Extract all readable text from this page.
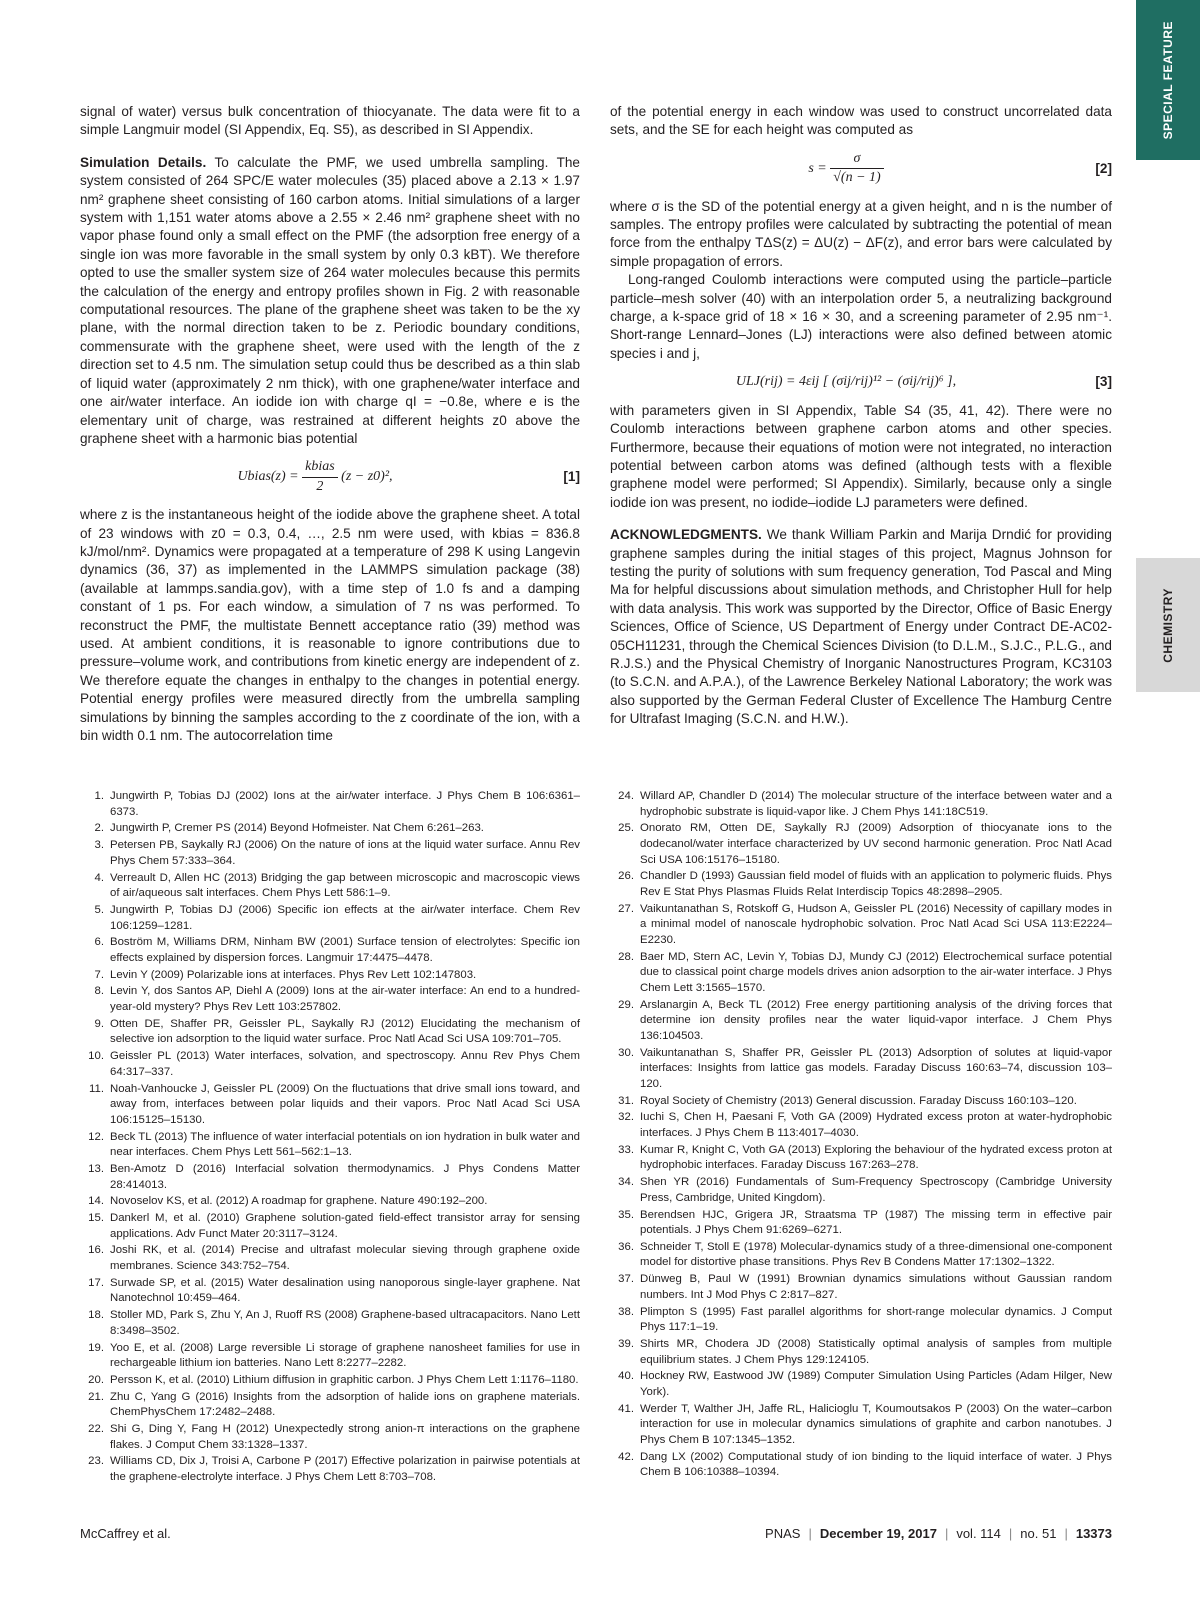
SPECIAL FEATURE
CHEMISTRY

signal of water) versus bulk concentration of thiocyanate. The data were fit to a simple Langmuir model (SI Appendix, Eq. S5), as described in SI Appendix.

Simulation Details. To calculate the PMF, we used umbrella sampling. The system consisted of 264 SPC/E water molecules (35) placed above a 2.13 × 1.97 nm² graphene sheet consisting of 160 carbon atoms. Initial simulations of a larger system with 1,151 water atoms above a 2.55 × 2.46 nm² graphene sheet with no vapor phase found only a small effect on the PMF (the adsorption free energy of a single ion was more favorable in the small system by only 0.3 kBT). We therefore opted to use the smaller system size of 264 water molecules because this permits the calculation of the energy and entropy profiles shown in Fig. 2 with reasonable computational resources. The plane of the graphene sheet was taken to be the xy plane, with the normal direction taken to be z. Periodic boundary conditions, commensurate with the graphene sheet, were used with the length of the z direction set to 4.5 nm. The simulation setup could thus be described as a thin slab of liquid water (approximately 2 nm thick), with one graphene/water interface and one air/water interface. An iodide ion with charge qI = −0.8e, where e is the elementary unit of charge, was restrained at different heights z0 above the graphene sheet with a harmonic bias potential

Ubias(z) = $\frac{\text{kbias}}{2} (z - z0)^2$,	[1]

where z is the instantaneous height of the iodide above the graphene sheet. A total of 23 windows with z0 = 0.3, 0.4, …, 2.5 nm were used, with kbias = 836.8 kJ/mol/nm². Dynamics were propagated at a temperature of 298 K using Langevin dynamics (36, 37) as implemented in the LAMMPS simulation package (38) (available at lammps.sandia.gov), with a time step of 1.0 fs and a damping constant of 1 ps. For each window, a simulation of 7 ns was performed. To reconstruct the PMF, the multistate Bennett acceptance ratio (39) method was used. At ambient conditions, it is reasonable to ignore contributions due to pressure–volume work, and contributions from kinetic energy are independent of z. We therefore equate the changes in enthalpy to the changes in potential energy. Potential energy profiles were measured directly from the umbrella sampling simulations by binning the samples according to the z coordinate of the ion, with a bin width 0.1 nm. The autocorrelation time

of the potential energy in each window was used to construct uncorrelated data sets, and the SE for each height was computed as

$s = \frac{\sigma}{√(n - 1)}$	[2]

where σ is the SD of the potential energy at a given height, and n is the number of samples. The entropy profiles were calculated by subtracting the potential of mean force from the enthalpy TΔS(z) = ΔU(z) − ΔF(z), and error bars were calculated by simple propagation of errors.

Long-ranged Coulomb interactions were computed using the particle–particle particle–mesh solver (40) with an interpolation order 5, a neutralizing background charge, a k-space grid of 18 × 16 × 30, and a screening parameter of 2.95 nm⁻¹. Short-range Lennard–Jones (LJ) interactions were also defined between atomic species i and j,

ULJ(rij) = 4εij [ (σij/rij)¹² − (σij/rij)⁶ ],	[3]

with parameters given in SI Appendix, Table S4 (35, 41, 42). There were no Coulomb interactions between graphene carbon atoms and other species. Furthermore, because their equations of motion were not integrated, no interaction potential between carbon atoms was defined (although tests with a flexible graphene model were performed; SI Appendix). Similarly, because only a single iodide ion was present, no iodide–iodide LJ parameters were defined.

ACKNOWLEDGMENTS. We thank William Parkin and Marija Drndić for providing graphene samples during the initial stages of this project, Magnus Johnson for testing the purity of solutions with sum frequency generation, Tod Pascal and Ming Ma for helpful discussions about simulation methods, and Christopher Hull for help with data analysis. This work was supported by the Director, Office of Basic Energy Sciences, Office of Science, US Department of Energy under Contract DE-AC02-05CH11231, through the Chemical Sciences Division (to D.L.M., S.J.C., P.L.G., and R.J.S.) and the Physical Chemistry of Inorganic Nanostructures Program, KC3103 (to S.C.N. and A.P.A.), of the Lawrence Berkeley National Laboratory; the work was also supported by the German Federal Cluster of Excellence The Hamburg Centre for Ultrafast Imaging (S.C.N. and H.W.).

1. Jungwirth P, Tobias DJ (2002) Ions at the air/water interface. J Phys Chem B 106:6361–6373.
2. Jungwirth P, Cremer PS (2014) Beyond Hofmeister. Nat Chem 6:261–263.
3. Petersen PB, Saykally RJ (2006) On the nature of ions at the liquid water surface. Annu Rev Phys Chem 57:333–364.
4. Verreault D, Allen HC (2013) Bridging the gap between microscopic and macroscopic views of air/aqueous salt interfaces. Chem Phys Lett 586:1–9.
5. Jungwirth P, Tobias DJ (2006) Specific ion effects at the air/water interface. Chem Rev 106:1259–1281.
6. Boström M, Williams DRM, Ninham BW (2001) Surface tension of electrolytes: Specific ion effects explained by dispersion forces. Langmuir 17:4475–4478.
7. Levin Y (2009) Polarizable ions at interfaces. Phys Rev Lett 102:147803.
8. Levin Y, dos Santos AP, Diehl A (2009) Ions at the air-water interface: An end to a hundred-year-old mystery? Phys Rev Lett 103:257802.
9. Otten DE, Shaffer PR, Geissler PL, Saykally RJ (2012) Elucidating the mechanism of selective ion adsorption to the liquid water surface. Proc Natl Acad Sci USA 109:701–705.
10. Geissler PL (2013) Water interfaces, solvation, and spectroscopy. Annu Rev Phys Chem 64:317–337.
11. Noah-Vanhoucke J, Geissler PL (2009) On the fluctuations that drive small ions toward, and away from, interfaces between polar liquids and their vapors. Proc Natl Acad Sci USA 106:15125–15130.
12. Beck TL (2013) The influence of water interfacial potentials on ion hydration in bulk water and near interfaces. Chem Phys Lett 561–562:1–13.
13. Ben-Amotz D (2016) Interfacial solvation thermodynamics. J Phys Condens Matter 28:414013.
14. Novoselov KS, et al. (2012) A roadmap for graphene. Nature 490:192–200.
15. Dankerl M, et al. (2010) Graphene solution-gated field-effect transistor array for sensing applications. Adv Funct Mater 20:3117–3124.
16. Joshi RK, et al. (2014) Precise and ultrafast molecular sieving through graphene oxide membranes. Science 343:752–754.
17. Surwade SP, et al. (2015) Water desalination using nanoporous single-layer graphene. Nat Nanotechnol 10:459–464.
18. Stoller MD, Park S, Zhu Y, An J, Ruoff RS (2008) Graphene-based ultracapacitors. Nano Lett 8:3498–3502.
19. Yoo E, et al. (2008) Large reversible Li storage of graphene nanosheet families for use in rechargeable lithium ion batteries. Nano Lett 8:2277–2282.
20. Persson K, et al. (2010) Lithium diffusion in graphitic carbon. J Phys Chem Lett 1:1176–1180.
21. Zhu C, Yang G (2016) Insights from the adsorption of halide ions on graphene materials. ChemPhysChem 17:2482–2488.
22. Shi G, Ding Y, Fang H (2012) Unexpectedly strong anion-π interactions on the graphene flakes. J Comput Chem 33:1328–1337.
23. Williams CD, Dix J, Troisi A, Carbone P (2017) Effective polarization in pairwise potentials at the graphene-electrolyte interface. J Phys Chem Lett 8:703–708.
24. Willard AP, Chandler D (2014) The molecular structure of the interface between water and a hydrophobic substrate is liquid-vapor like. J Chem Phys 141:18C519.
25. Onorato RM, Otten DE, Saykally RJ (2009) Adsorption of thiocyanate ions to the dodecanol/water interface characterized by UV second harmonic generation. Proc Natl Acad Sci USA 106:15176–15180.
26. Chandler D (1993) Gaussian field model of fluids with an application to polymeric fluids. Phys Rev E Stat Phys Plasmas Fluids Relat Interdiscip Topics 48:2898–2905.
27. Vaikuntanathan S, Rotskoff G, Hudson A, Geissler PL (2016) Necessity of capillary modes in a minimal model of nanoscale hydrophobic solvation. Proc Natl Acad Sci USA 113:E2224–E2230.
28. Baer MD, Stern AC, Levin Y, Tobias DJ, Mundy CJ (2012) Electrochemical surface potential due to classical point charge models drives anion adsorption to the air-water interface. J Phys Chem Lett 3:1565–1570.
29. Arslanargin A, Beck TL (2012) Free energy partitioning analysis of the driving forces that determine ion density profiles near the water liquid-vapor interface. J Chem Phys 136:104503.
30. Vaikuntanathan S, Shaffer PR, Geissler PL (2013) Adsorption of solutes at liquid-vapor interfaces: Insights from lattice gas models. Faraday Discuss 160:63–74, discussion 103–120.
31. Royal Society of Chemistry (2013) General discussion. Faraday Discuss 160:103–120.
32. Iuchi S, Chen H, Paesani F, Voth GA (2009) Hydrated excess proton at water-hydrophobic interfaces. J Phys Chem B 113:4017–4030.
33. Kumar R, Knight C, Voth GA (2013) Exploring the behaviour of the hydrated excess proton at hydrophobic interfaces. Faraday Discuss 167:263–278.
34. Shen YR (2016) Fundamentals of Sum-Frequency Spectroscopy (Cambridge University Press, Cambridge, United Kingdom).
35. Berendsen HJC, Grigera JR, Straatsma TP (1987) The missing term in effective pair potentials. J Phys Chem 91:6269–6271.
36. Schneider T, Stoll E (1978) Molecular-dynamics study of a three-dimensional one-component model for distortive phase transitions. Phys Rev B Condens Matter 17:1302–1322.
37. Dünweg B, Paul W (1991) Brownian dynamics simulations without Gaussian random numbers. Int J Mod Phys C 2:817–827.
38. Plimpton S (1995) Fast parallel algorithms for short-range molecular dynamics. J Comput Phys 117:1–19.
39. Shirts MR, Chodera JD (2008) Statistically optimal analysis of samples from multiple equilibrium states. J Chem Phys 129:124105.
40. Hockney RW, Eastwood JW (1989) Computer Simulation Using Particles (Adam Hilger, New York).
41. Werder T, Walther JH, Jaffe RL, Halicioglu T, Koumoutsakos P (2003) On the water–carbon interaction for use in molecular dynamics simulations of graphite and carbon nanotubes. J Phys Chem B 107:1345–1352.
42. Dang LX (2002) Computational study of ion binding to the liquid interface of water. J Phys Chem B 106:10388–10394.
McCaffrey et al.	PNAS | December 19, 2017 | vol. 114 | no. 51 | 13373
